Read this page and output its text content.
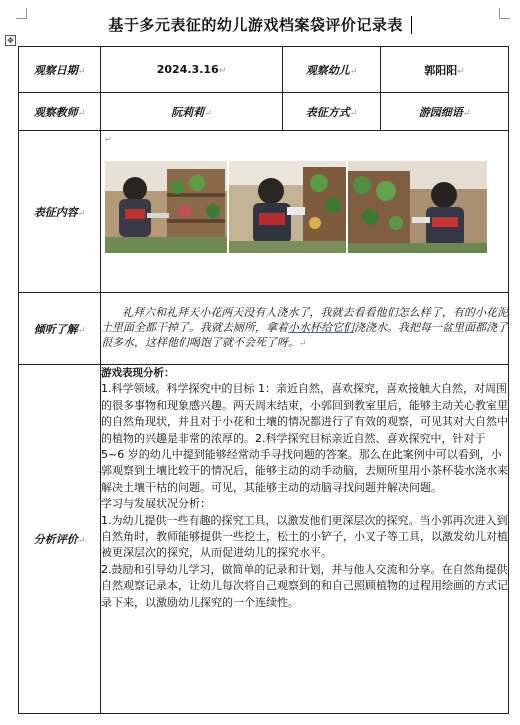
基于多元表征的幼儿游戏档案袋评价记录表
✥
观察日期↵	2024.3.16↵	观察幼儿↵	郭阳阳↵
观察教师↵	阮莉莉↵	表征方式↵	游园细语↵
表征内容↵	↵		

倾听了解↵	礼拜六和礼拜天小花两天没有人浇水了，我就去看看他们怎么样了，有的小花泥土里面全都干掉了。我就去厕所，拿着小水杯给它们浇浇水。我把每一盆里面都浇了很多水，这样他们喝饱了就不会死了呀。↵		
分析评价↵	游戏表现分析：

1.科学领域。科学探究中的目标 1：亲近自然，喜欢探究，喜欢接触大自然，对周围的很多事物和现象感兴趣。两天周末结束，小郭回到教室里后，能够主动关心教室里的自然角现状，并且对于小花和土壤的情况都进行了有效的观察，可见其对大自然中的植物的兴趣是非常的浓厚的。2.科学探究目标亲近自然、喜欢探究中，针对于 5~6 岁的幼儿中提到能够经常动手寻找问题的答案。那么在此案例中可以看到，小郭观察到土壤比较干的情况后，能够主动的动手动脑，去厕所里用小茶杯装水浇水来解决土壤干枯的问题。可见，其能够主动的动脑寻找问题并解决问题。

学习与发展状况分析：

1.为幼儿提供一些有趣的探究工具，以激发他们更深层次的探究。当小郭再次进入到自然角时，教师能够提供一些挖土，松土的小铲子，小叉子等工具，以激发幼儿对植被更深层次的探究，从而促进幼儿的探究水平。

2.鼓励和引导幼儿学习，做简单的记录和计划，并与他人交流和分享。在自然角提供自然观察记录本，让幼儿每次将自己观察到的和自己照顾植物的过程用绘画的方式记录下来，以激励幼儿探究的一个连续性。		
